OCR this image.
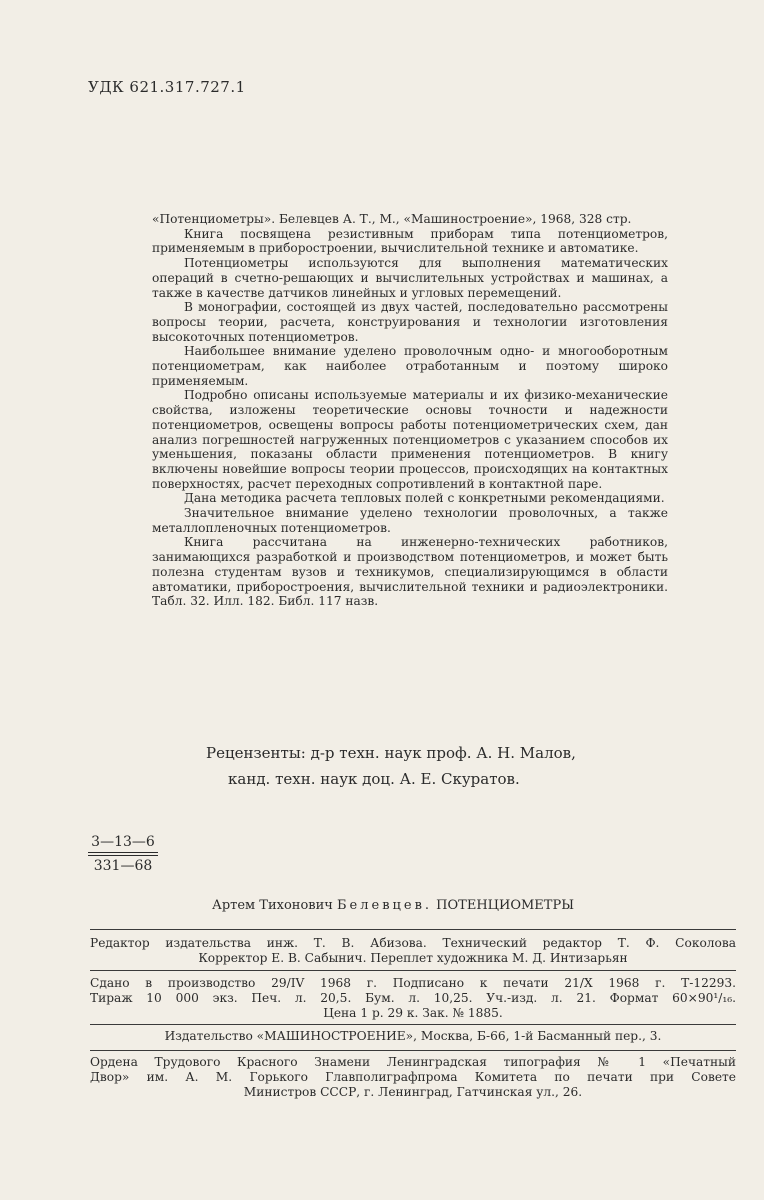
УДК 621.317.727.1

«Потенциометры». Белевцев А. Т., М., «Машиностроение», 1968, 328 стр.

Книга посвящена резистивным приборам типа потенциометров, применяемым в приборостроении, вычислительной технике и автоматике.

Потенциометры используются для выполнения математических операций в счетно-решающих и вычислительных устройствах и машинах, а также в качестве датчиков линейных и угловых перемещений.

В монографии, состоящей из двух частей, последовательно рассмотрены вопросы теории, расчета, конструирования и технологии изготовления высокоточных потенциометров.

Наибольшее внимание уделено проволочным одно- и многооборотным потенциометрам, как наиболее отработанным и поэтому широко применяемым.

Подробно описаны используемые материалы и их физико-механические свойства, изложены теоретические основы точности и надежности потенциометров, освещены вопросы работы потенциометрических схем, дан анализ погрешностей нагруженных потенциометров с указанием способов их уменьшения, показаны области применения потенциометров. В книгу включены новейшие вопросы теории процессов, происходящих на контактных поверхностях, расчет переходных сопротивлений в контактной паре.

Дана методика расчета тепловых полей с конкретными рекомендациями.

Значительное внимание уделено технологии проволочных, а также металлопленочных потенциометров.

Книга рассчитана на инженерно-технических работников, занимающихся разработкой и производством потенциометров, и может быть полезна студентам вузов и техникумов, специализирующимся в области автоматики, приборостроения, вычислительной техники и радиоэлектроники. Табл. 32. Илл. 182. Библ. 117 назв.

Рецензенты: д-р техн. наук проф. А. Н. Малов,
канд. техн. наук доц. А. Е. Скуратов.
3—13—6
331—68
Артем Тихонович Белевцев. ПОТЕНЦИОМЕТРЫ
Редактор издательства инж. Т. В. Абизова. Технический редактор Т. Ф. Соколова
Корректор Е. В. Сабынич. Переплет художника М. Д. Интизарьян
Сдано в производство 29/IV 1968 г. Подписано к печати 21/X 1968 г. Т-12293.
Тираж 10 000 экз. Печ. л. 20,5. Бум. л. 10,25. Уч.-изд. л. 21. Формат 60×90¹/₁₆.
Цена 1 р. 29 к. Зак. № 1885.
Издательство «МАШИНОСТРОЕНИЕ», Москва, Б-66, 1-й Басманный пер., 3.
Ордена Трудового Красного Знамени Ленинградская типография № 1 «Печатный
Двор» им. А. М. Горького Главполиграфпрома Комитета по печати при Совете
Министров СССР, г. Ленинград, Гатчинская ул., 26.
